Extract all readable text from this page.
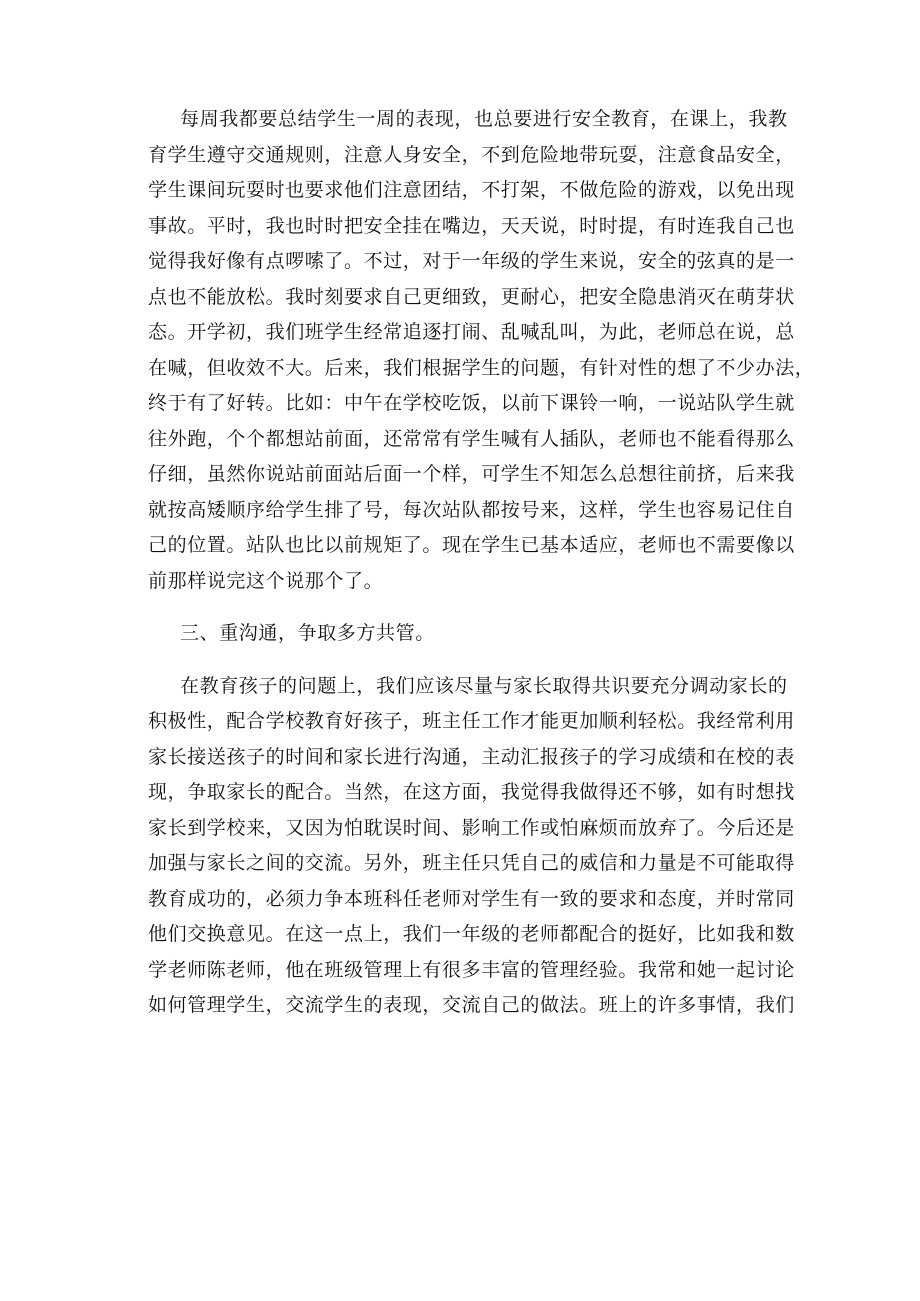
每周我都要总结学生一周的表现，也总要进行安全教育，在课上，我教
育学生遵守交通规则，注意人身安全，不到危险地带玩耍，注意食品安全，
学生课间玩耍时也要求他们注意团结，不打架，不做危险的游戏，以免出现
事故。平时，我也时时把安全挂在嘴边，天天说，时时提，有时连我自己也
觉得我好像有点啰嗦了。不过，对于一年级的学生来说，安全的弦真的是一
点也不能放松。我时刻要求自己更细致，更耐心，把安全隐患消灭在萌芽状
态。开学初，我们班学生经常追逐打闹、乱喊乱叫，为此，老师总在说，总
在喊，但收效不大。后来，我们根据学生的问题，有针对性的想了不少办法，
终于有了好转。比如：中午在学校吃饭，以前下课铃一响，一说站队学生就
往外跑，个个都想站前面，还常常有学生喊有人插队，老师也不能看得那么
仔细，虽然你说站前面站后面一个样，可学生不知怎么总想往前挤，后来我
就按高矮顺序给学生排了号，每次站队都按号来，这样，学生也容易记住自
己的位置。站队也比以前规矩了。现在学生已基本适应，老师也不需要像以
前那样说完这个说那个了。
三、重沟通，争取多方共管。
在教育孩子的问题上，我们应该尽量与家长取得共识要充分调动家长的
积极性，配合学校教育好孩子，班主任工作才能更加顺利轻松。我经常利用
家长接送孩子的时间和家长进行沟通，主动汇报孩子的学习成绩和在校的表
现，争取家长的配合。当然，在这方面，我觉得我做得还不够，如有时想找
家长到学校来，又因为怕耽误时间、影响工作或怕麻烦而放弃了。今后还是
加强与家长之间的交流。另外，班主任只凭自己的威信和力量是不可能取得
教育成功的，必须力争本班科任老师对学生有一致的要求和态度，并时常同
他们交换意见。在这一点上，我们一年级的老师都配合的挺好，比如我和数
学老师陈老师，他在班级管理上有很多丰富的管理经验。我常和她一起讨论
如何管理学生，交流学生的表现，交流自己的做法。班上的许多事情，我们
